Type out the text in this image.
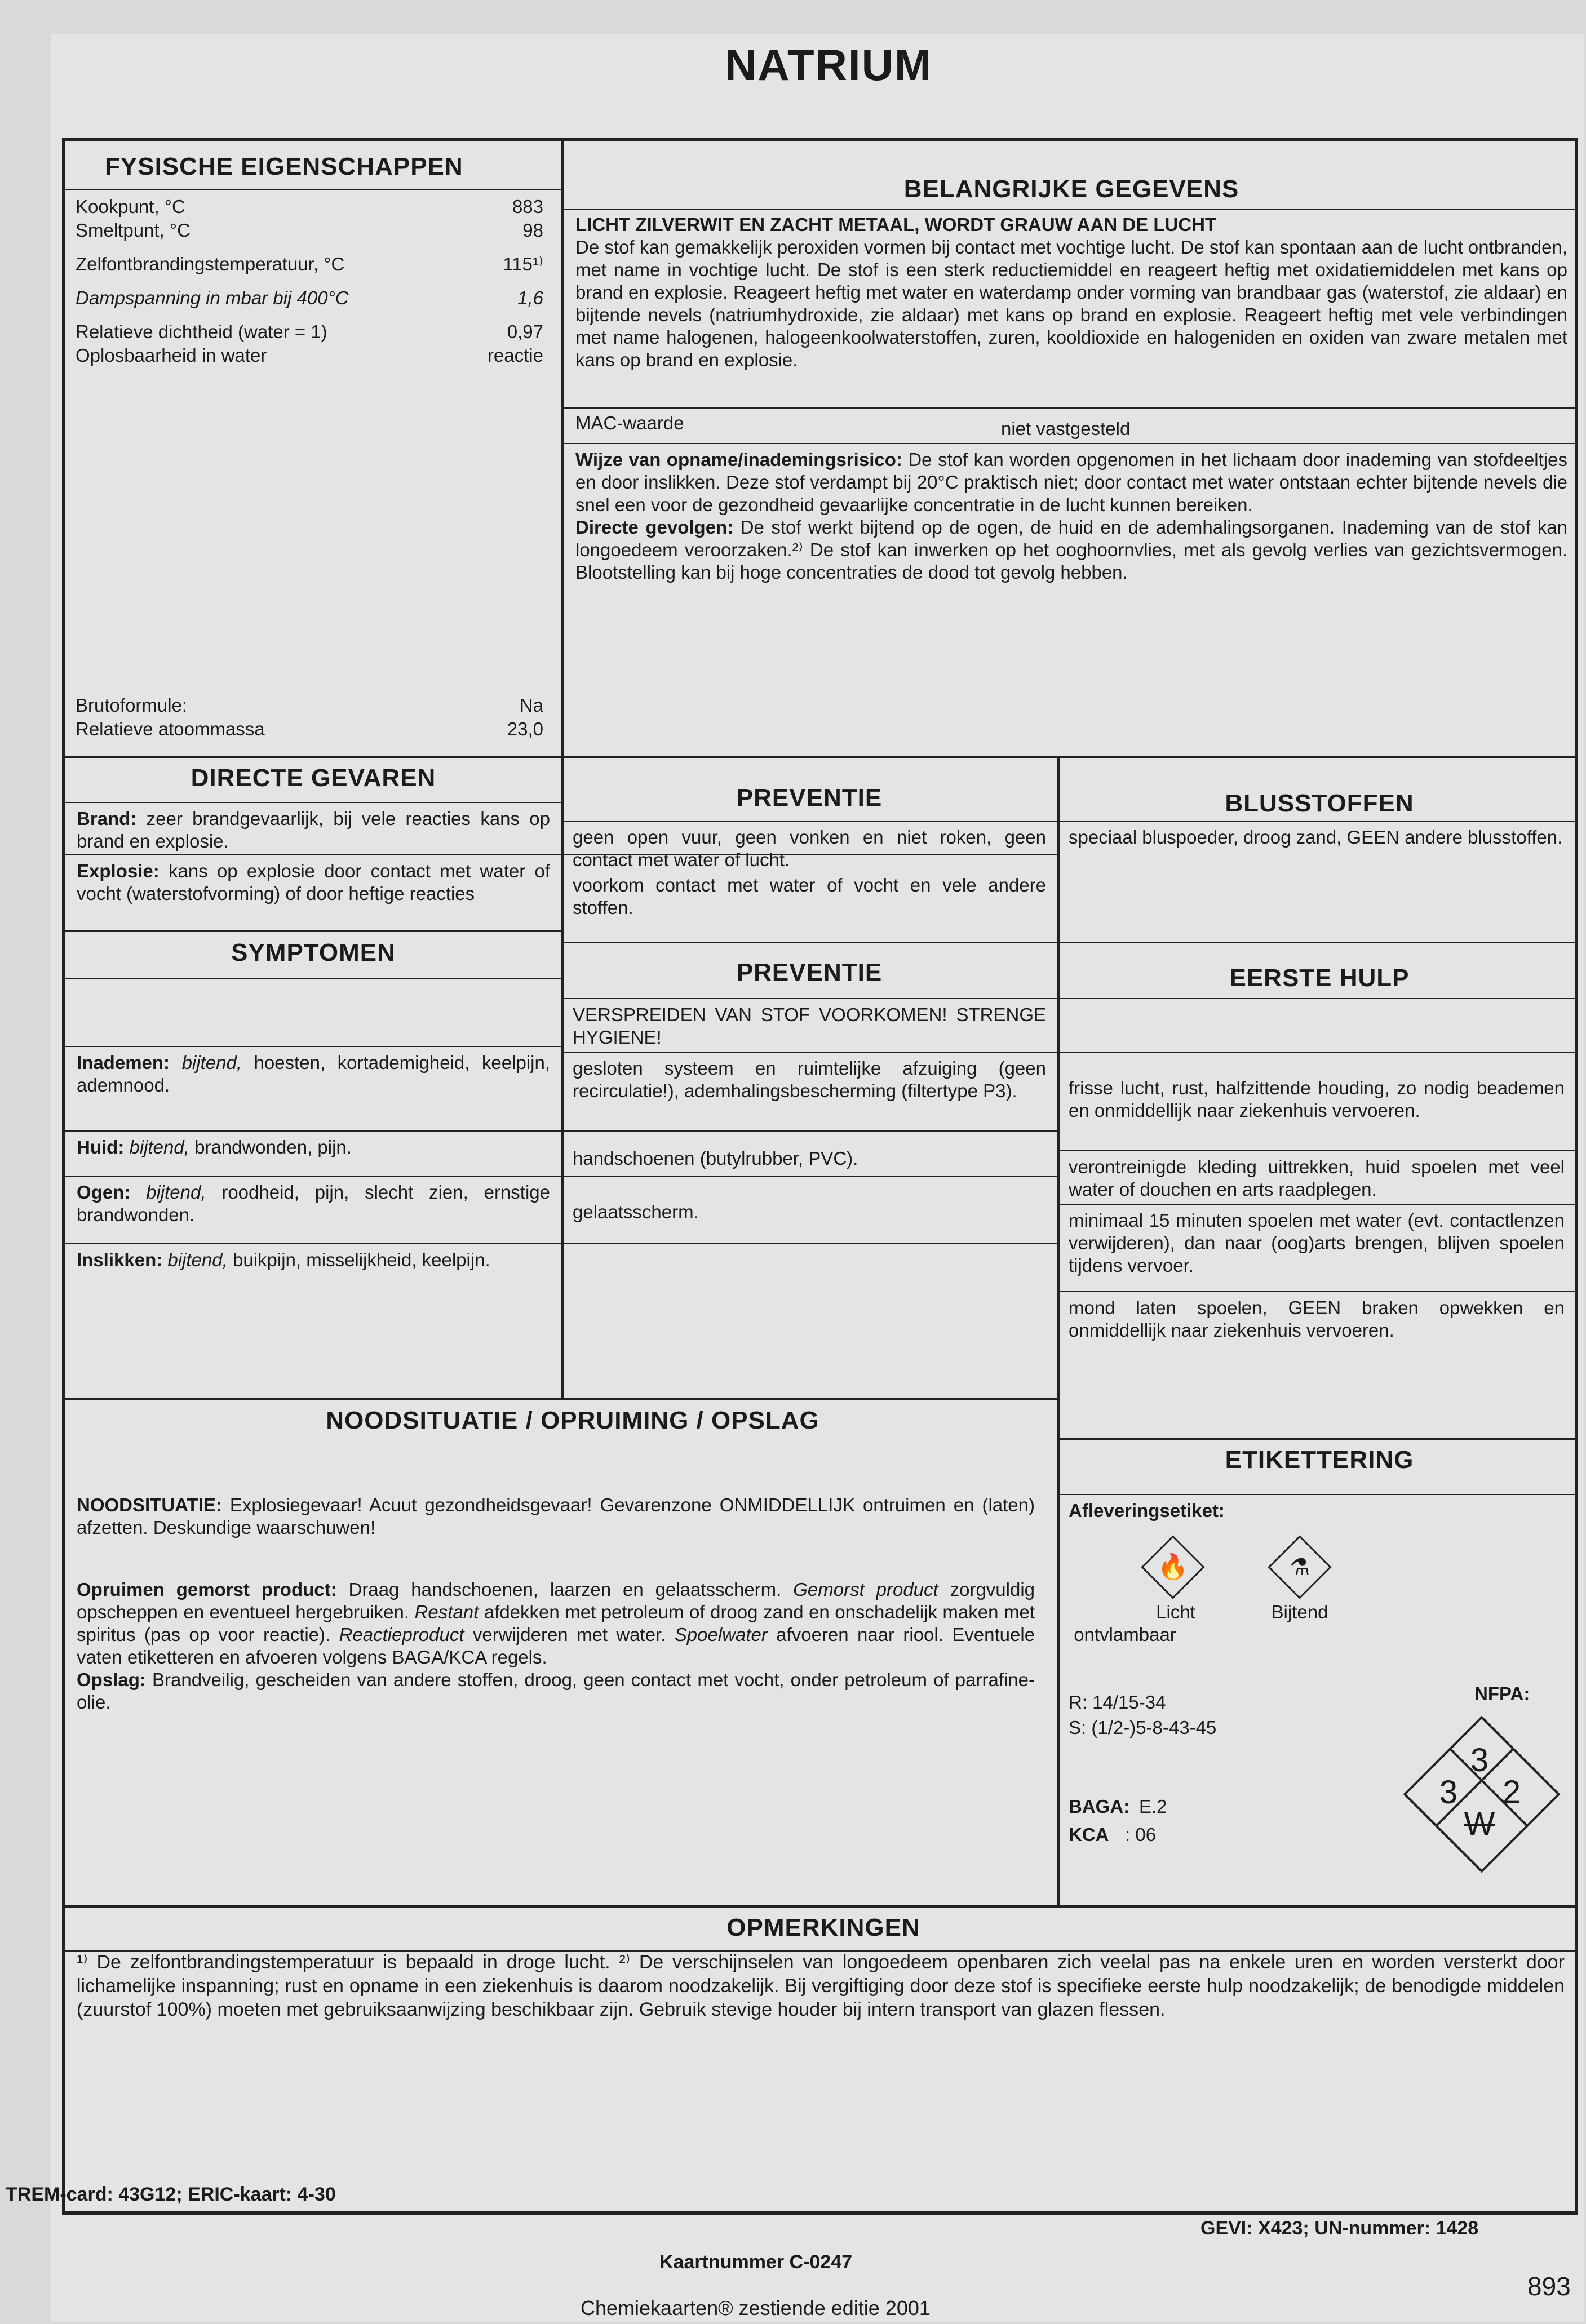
NATRIUM
FYSISCHE EIGENSCHAPPEN
Kookpunt, °C	883
Smeltpunt, °C	98
Zelfontbrandingstemperatuur, °C	115¹⁾
Dampspanning in mbar bij 400°C	1,6
Relatieve dichtheid (water = 1)	0,97
Oplosbaarheid in water	reactie
Brutoformule:	Na
Relatieve atoommassa	23,0
BELANGRIJKE GEGEVENS
LICHT ZILVERWIT EN ZACHT METAAL, WORDT GRAUW AAN DE LUCHT
De stof kan gemakkelijk peroxiden vormen bij contact met vochtige lucht. De stof kan spontaan aan de lucht ontbranden, met name in vochtige lucht. De stof is een sterk reductiemiddel en reageert heftig met oxidatiemiddelen met kans op brand en explosie. Reageert heftig met water en waterdamp onder vorming van brandbaar gas (waterstof, zie aldaar) en bijtende nevels (natriumhydroxide, zie aldaar) met kans op brand en explosie. Reageert heftig met vele verbindingen met name halogenen, halogeenkoolwaterstoffen, zuren, kooldioxide en halogeniden en oxiden van zware metalen met kans op brand en explosie.
MAC-waarde	niet vastgesteld
Wijze van opname/inademingsrisico: De stof kan worden opgenomen in het lichaam door inademing van stofdeeltjes en door inslikken. Deze stof verdampt bij 20°C praktisch niet; door contact met water ontstaan echter bijtende nevels die snel een voor de gezondheid gevaarlijke concentratie in de lucht kunnen bereiken.
Directe gevolgen: De stof werkt bijtend op de ogen, de huid en de ademhalingsorganen. Inademing van de stof kan longoedeem veroorzaken.²⁾ De stof kan inwerken op het ooghoornvlies, met als gevolg verlies van gezichtsvermogen. Blootstelling kan bij hoge concentraties de dood tot gevolg hebben.
DIRECTE GEVAREN
PREVENTIE	BLUSSTOFFEN
Brand: zeer brandgevaarlijk, bij vele reacties kans op brand en explosie.	geen open vuur, geen vonken en niet roken, geen contact met water of lucht.
speciaal bluspoeder, droog zand, GEEN andere blusstoffen.
Explosie: kans op explosie door contact met water of vocht (waterstofvorming) of door heftige reacties	voorkom contact met water of vocht en vele andere stoffen.
SYMPTOMEN
PREVENTIE	EERSTE HULP
VERSPREIDEN VAN STOF VOORKOMEN! STRENGE HYGIENE!
Inademen: bijtend, hoesten, kortademigheid, keelpijn, ademnood.
gesloten systeem en ruimtelijke afzuiging (geen recirculatie!), ademhalingsbescherming (filtertype P3).	frisse lucht, rust, halfzittende houding, zo nodig beademen en onmiddellijk naar ziekenhuis vervoeren.
Huid: bijtend, brandwonden, pijn.
handschoenen (butylrubber, PVC).	verontreinigde kleding uittrekken, huid spoelen met veel water of douchen en arts raadplegen.
Ogen: bijtend, roodheid, pijn, slecht zien, ernstige brandwonden.	gelaatsscherm.	minimaal 15 minuten spoelen met water (evt. contactlenzen verwijderen), dan naar (oog)arts brengen, blijven spoelen tijdens vervoer.
Inslikken: bijtend, buikpijn, misselijkheid, keelpijn.
mond laten spoelen, GEEN braken opwekken en onmiddellijk naar ziekenhuis vervoeren.
NOODSITUATIE / OPRUIMING / OPSLAG
ETIKETTERING
NOODSITUATIE: Explosiegevaar! Acuut gezondheidsgevaar! Gevarenzone ONMIDDELLIJK ontruimen en (laten) afzetten. Deskundige waarschuwen!
Opruimen gemorst product: Draag handschoenen, laarzen en gelaatsscherm. Gemorst product zorgvuldig opscheppen en eventueel hergebruiken. Restant afdekken met petroleum of droog zand en onschadelijk maken met spiritus (pas op voor reactie). Reactieproduct verwijderen met water. Spoelwater afvoeren naar riool. Eventuele vaten etiketteren en afvoeren volgens BAGA/KCA regels.
Opslag: Brandveilig, gescheiden van andere stoffen, droog, geen contact met vocht, onder petroleum of parrafine-olie.
Afleveringsetiket:
🔥
Licht
ontvlambaar
⚗
Bijtend
R: 14/15-34
S: (1/2-)5-8-43-45
NFPA:
BAGA: E.2
KCA : 06
OPMERKINGEN
¹⁾ De zelfontbrandingstemperatuur is bepaald in droge lucht. ²⁾ De verschijnselen van longoedeem openbaren zich veelal pas na enkele uren en worden versterkt door lichamelijke inspanning; rust en opname in een ziekenhuis is daarom noodzakelijk. Bij vergiftiging door deze stof is specifieke eerste hulp noodzakelijk; de benodigde middelen (zuurstof 100%) moeten met gebruiksaanwijzing beschikbaar zijn. Gebruik stevige houder bij intern transport van glazen flessen.
3
3	2
W
TREM-card: 43G12; ERIC-kaart: 4-30
GEVI: X423; UN-nummer: 1428
Kaartnummer C-0247
893
Chemiekaarten® zestiende editie 2001
